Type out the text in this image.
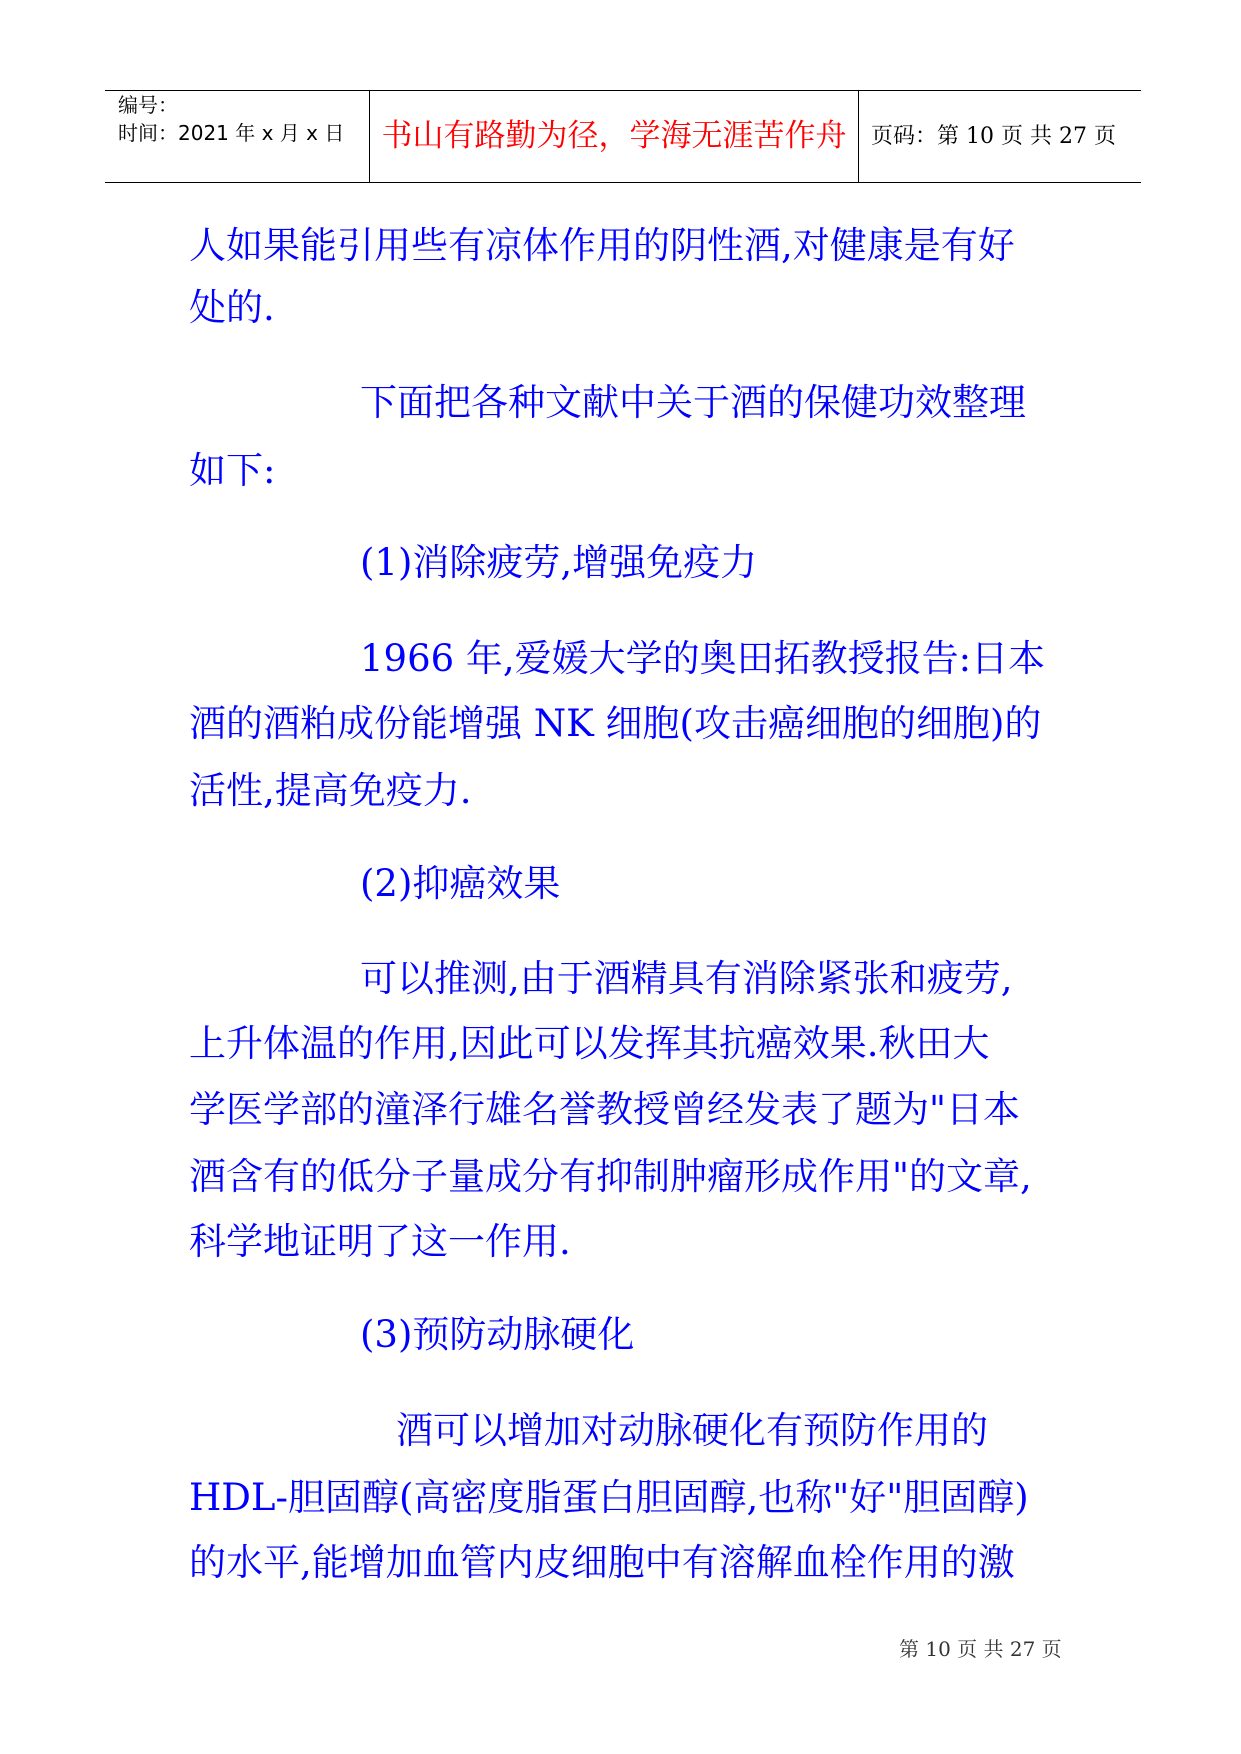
编号：
时间：2021 年 x 月 x 日	书山有路勤为径，学海无涯苦作舟	页码：第 10 页 共 27 页
人如果能引用些有凉体作用的阴性酒,对健康是有好
处的.
下面把各种文献中关于酒的保健功效整理
如下:
(1)消除疲劳,增强免疫力
1966 年,爱媛大学的奥田拓教授报告:日本
酒的酒粕成份能增强 NK 细胞(攻击癌细胞的细胞)的
活性,提高免疫力.
(2)抑癌效果
可以推测,由于酒精具有消除紧张和疲劳,
上升体温的作用,因此可以发挥其抗癌效果.秋田大
学医学部的潼泽行雄名誉教授曾经发表了题为"日本
酒含有的低分子量成分有抑制肿瘤形成作用"的文章,
科学地证明了这一作用.
(3)预防动脉硬化
酒可以增加对动脉硬化有预防作用的
HDL-胆固醇(高密度脂蛋白胆固醇,也称"好"胆固醇)
的水平,能增加血管内皮细胞中有溶解血栓作用的激
第 10 页 共 27 页
